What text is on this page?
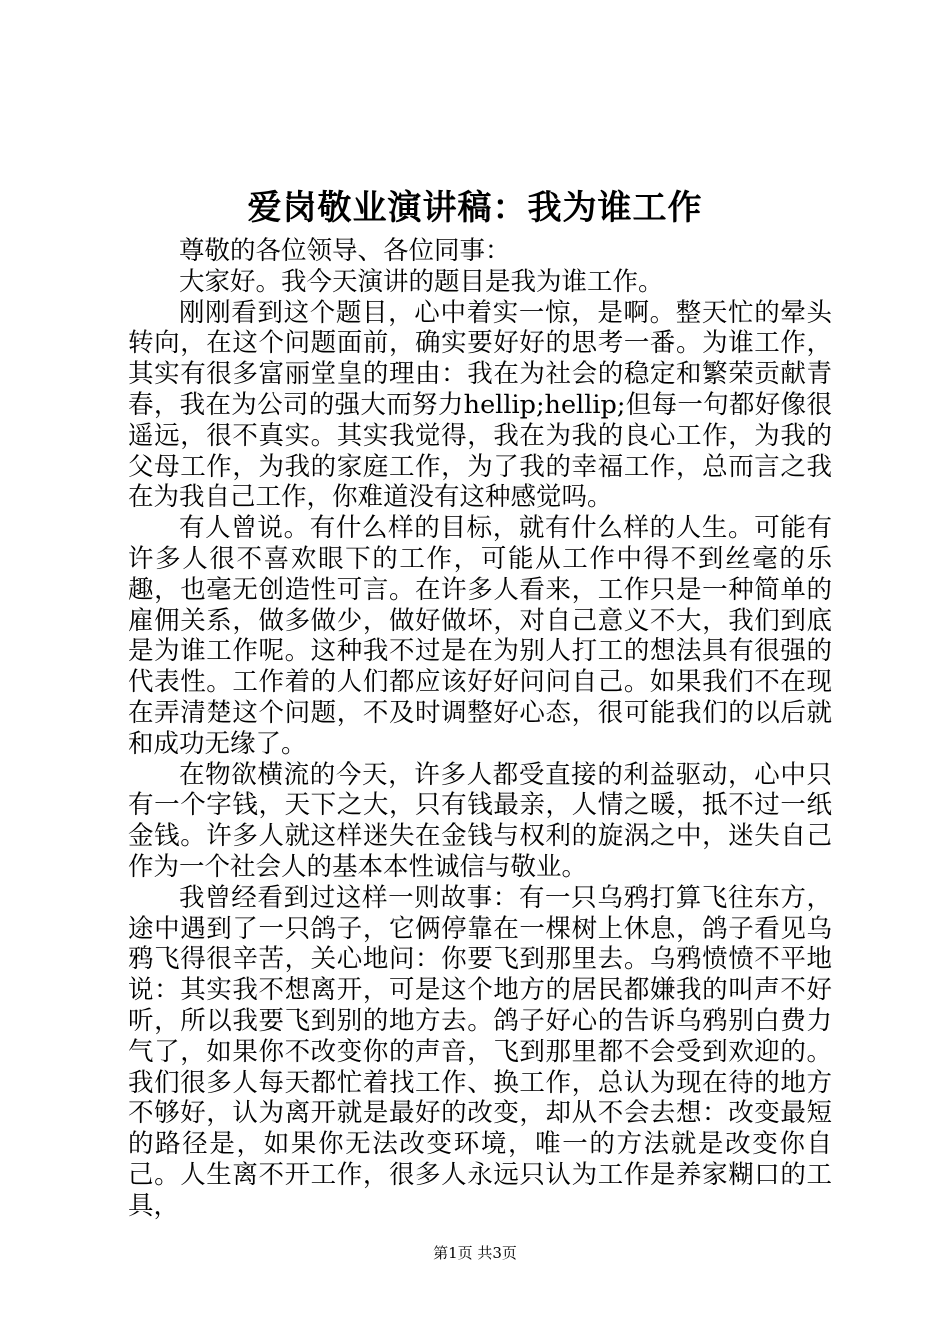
爱岗敬业演讲稿：我为谁工作

尊敬的各位领导、各位同事：

大家好。我今天演讲的题目是我为谁工作。

刚刚看到这个题目，心中着实一惊，是啊。整天忙的晕头转向，在这个问题面前，确实要好好的思考一番。为谁工作，其实有很多富丽堂皇的理由：我在为社会的稳定和繁荣贡献青春，我在为公司的强大而努力hellip;hellip;但每一句都好像很遥远，很不真实。其实我觉得，我在为我的良心工作，为我的父母工作，为我的家庭工作，为了我的幸福工作，总而言之我在为我自己工作，你难道没有这种感觉吗。

有人曾说。有什么样的目标，就有什么样的人生。可能有许多人很不喜欢眼下的工作，可能从工作中得不到丝毫的乐趣，也毫无创造性可言。在许多人看来，工作只是一种简单的雇佣关系，做多做少，做好做坏，对自己意义不大，我们到底是为谁工作呢。这种我不过是在为别人打工的想法具有很强的代表性。工作着的人们都应该好好问问自己。如果我们不在现在弄清楚这个问题，不及时调整好心态，很可能我们的以后就和成功无缘了。

在物欲横流的今天，许多人都受直接的利益驱动，心中只有一个字钱，天下之大，只有钱最亲，人情之暖，抵不过一纸金钱。许多人就这样迷失在金钱与权利的旋涡之中，迷失自己作为一个社会人的基本本性诚信与敬业。

我曾经看到过这样一则故事：有一只乌鸦打算飞往东方，途中遇到了一只鸽子，它俩停靠在一棵树上休息，鸽子看见乌鸦飞得很辛苦，关心地问：你要飞到那里去。乌鸦愤愤不平地说：其实我不想离开，可是这个地方的居民都嫌我的叫声不好听，所以我要飞到别的地方去。鸽子好心的告诉乌鸦别白费力气了，如果你不改变你的声音，飞到那里都不会受到欢迎的。我们很多人每天都忙着找工作、换工作，总认为现在待的地方不够好，认为离开就是最好的改变，却从不会去想：改变最短的路径是，如果你无法改变环境，唯一的方法就是改变你自己。人生离不开工作，很多人永远只认为工作是养家糊口的工具，

第1页 共3页
